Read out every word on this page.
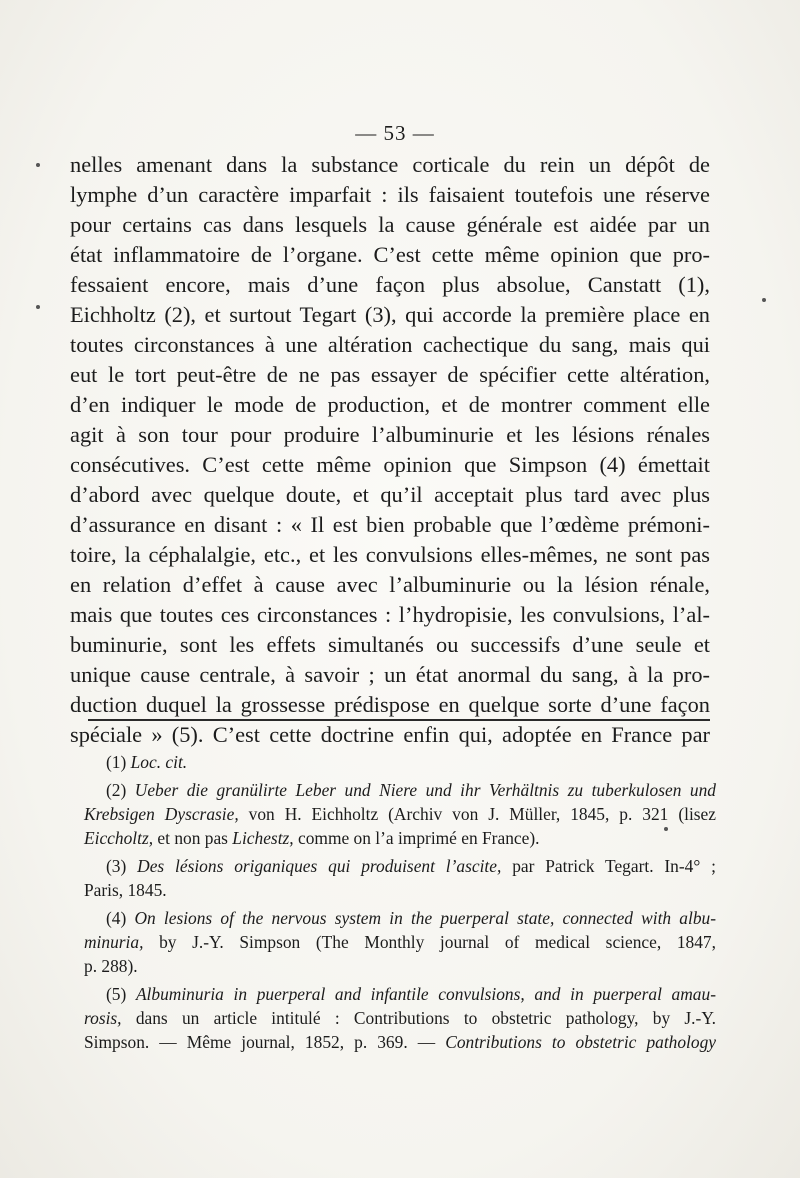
— 53 —
nelles amenant dans la substance corticale du rein un dépôt de
lymphe d’un caractère imparfait : ils faisaient toutefois une réserve
pour certains cas dans lesquels la cause générale est aidée par un
état inflammatoire de l’organe. C’est cette même opinion que pro-
fessaient encore, mais d’une façon plus absolue, Canstatt (1),
Eichholtz (2), et surtout Tegart (3), qui accorde la première place en
toutes circonstances à une altération cachectique du sang, mais qui
eut le tort peut-être de ne pas essayer de spécifier cette altération,
d’en indiquer le mode de production, et de montrer comment elle
agit à son tour pour produire l’albuminurie et les lésions rénales
consécutives. C’est cette même opinion que Simpson (4) émettait
d’abord avec quelque doute, et qu’il acceptait plus tard avec plus
d’assurance en disant : « Il est bien probable que l’œdème prémoni-
toire, la céphalalgie, etc., et les convulsions elles-mêmes, ne sont pas
en relation d’effet à cause avec l’albuminurie ou la lésion rénale,
mais que toutes ces circonstances : l’hydropisie, les convulsions, l’al-
buminurie, sont les effets simultanés ou successifs d’une seule et
unique cause centrale, à savoir ; un état anormal du sang, à la pro-
duction duquel la grossesse prédispose en quelque sorte d’une façon
spéciale » (5). C’est cette doctrine enfin qui, adoptée en France par
(1) Loc. cit.
(2) Ueber die granülirte Leber und Niere und ihr Verhältnis zu tuberkulosen und
Krebsigen Dyscrasie, von H. Eichholtz (Archiv von J. Müller, 1845, p. 321 (lisez
Eiccholtz, et non pas Lichestz, comme on l’a imprimé en France).
(3) Des lésions origaniques qui produisent l’ascite, par Patrick Tegart. In-4° ;
Paris, 1845.
(4) On lesions of the nervous system in the puerperal state, connected with albu-
minuria, by J.-Y. Simpson (The Monthly journal of medical science, 1847,
p. 288).
(5) Albuminuria in puerperal and infantile convulsions, and in puerperal amau-
rosis, dans un article intitulé : Contributions to obstetric pathology, by J.-Y.
Simpson. — Même journal, 1852, p. 369. — Contributions to obstetric pathology
